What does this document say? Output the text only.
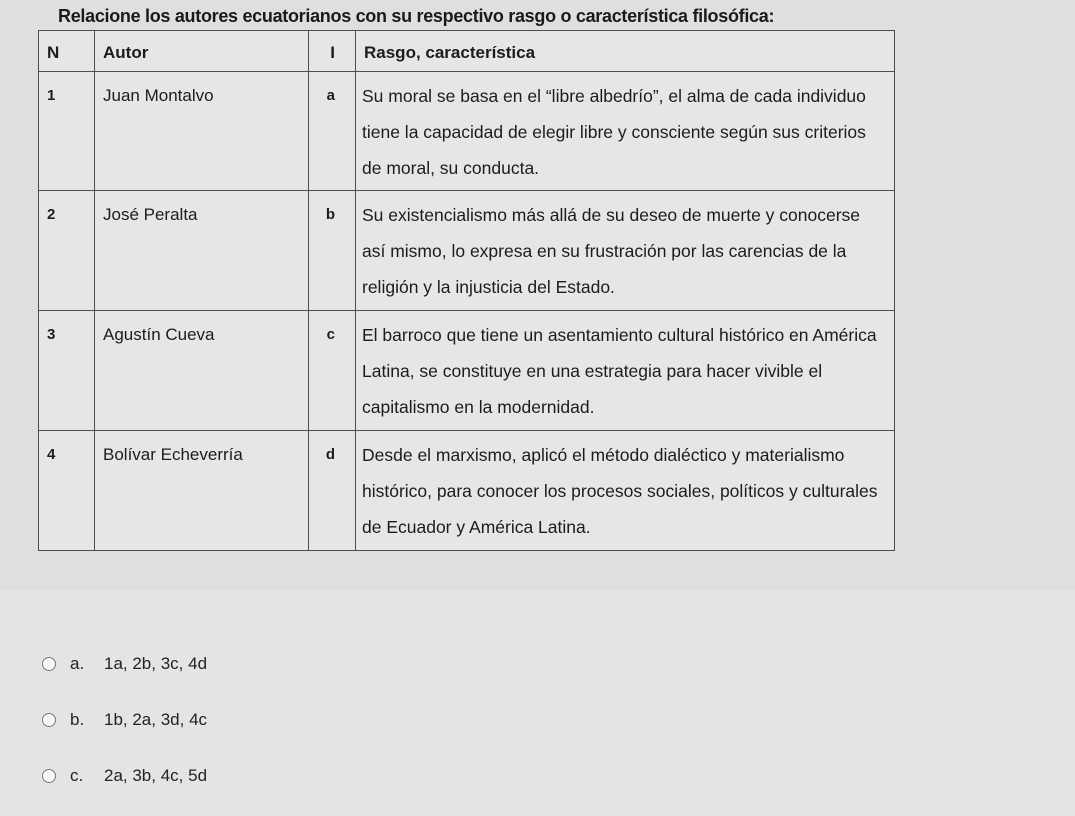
Relacione los autores ecuatorianos con su respectivo rasgo o característica filosófica:
N	Autor	I	Rasgo, característica
1	Juan Montalvo	a	Su moral se basa en el “libre albedrío”, el alma de cada individuo tiene la capacidad de elegir libre y consciente según sus criterios de moral, su conducta.
2	José Peralta	b	Su existencialismo más allá de su deseo de muerte y conocerse así mismo, lo expresa en su frustración por las carencias de la religión y la injusticia del Estado.
3	Agustín Cueva	c	El barroco que tiene un asentamiento cultural histórico en América Latina, se constituye en una estrategia para hacer vivible el capitalismo en la modernidad.
4	Bolívar Echeverría	d	Desde el marxismo, aplicó el método dialéctico y materialismo histórico, para conocer los procesos sociales, políticos y culturales de Ecuador y América Latina.
a.	1a, 2b, 3c, 4d
b.	1b, 2a, 3d, 4c
c.	2a, 3b, 4c, 5d
